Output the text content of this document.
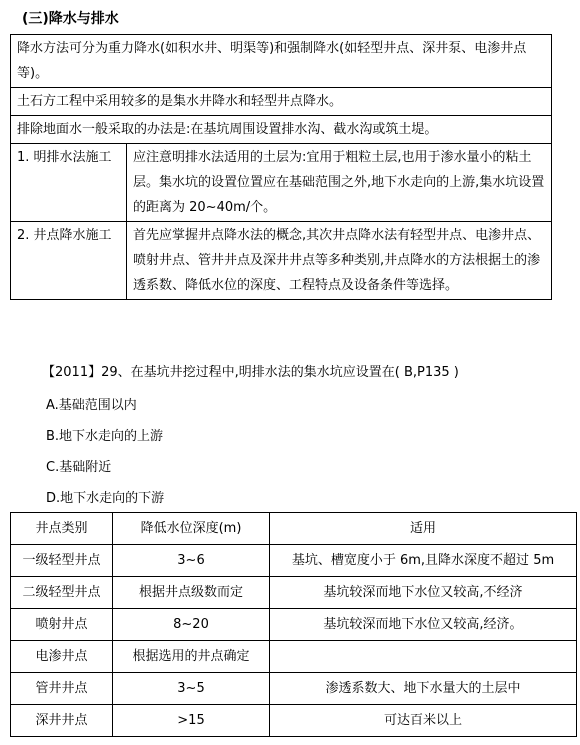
(三)降水与排水
降水方法可分为重力降水(如积水井、明渠等)和强制降水(如轻型井点、深井泵、电渗井点等)。	
土石方工程中采用较多的是集水井降水和轻型井点降水。	
排除地面水一般采取的办法是:在基坑周围设置排水沟、截水沟或筑土堤。	
1. 明排水法施工	应注意明排水法适用的土层为:宜用于粗粒土层,也用于渗水量小的粘土层。集水坑的设置位置应在基础范围之外,地下水走向的上游,集水坑设置的距离为 20~40m/个。
2. 井点降水施工	首先应掌握井点降水法的概念,其次井点降水法有轻型井点、电渗井点、喷射井点、管井井点及深井井点等多种类别,井点降水的方法根据土的渗透系数、降低水位的深度、工程特点及设备条件等选择。
【2011】29、在基坑井挖过程中,明排水法的集水坑应设置在( B,P135 )
A.基础范围以内
B.地下水走向的上游
C.基础附近
D.地下水走向的下游
井点类别	降低水位深度(m)	适用
一级轻型井点	3~6	基坑、槽宽度小于 6m,且降水深度不超过 5m
二级轻型井点	根据井点级数而定	基坑较深而地下水位又较高,不经济
喷射井点	8~20	基坑较深而地下水位又较高,经济。
电渗井点	根据选用的井点确定	
管井井点	3~5	渗透系数大、地下水量大的土层中
深井井点	>15	可达百米以上
